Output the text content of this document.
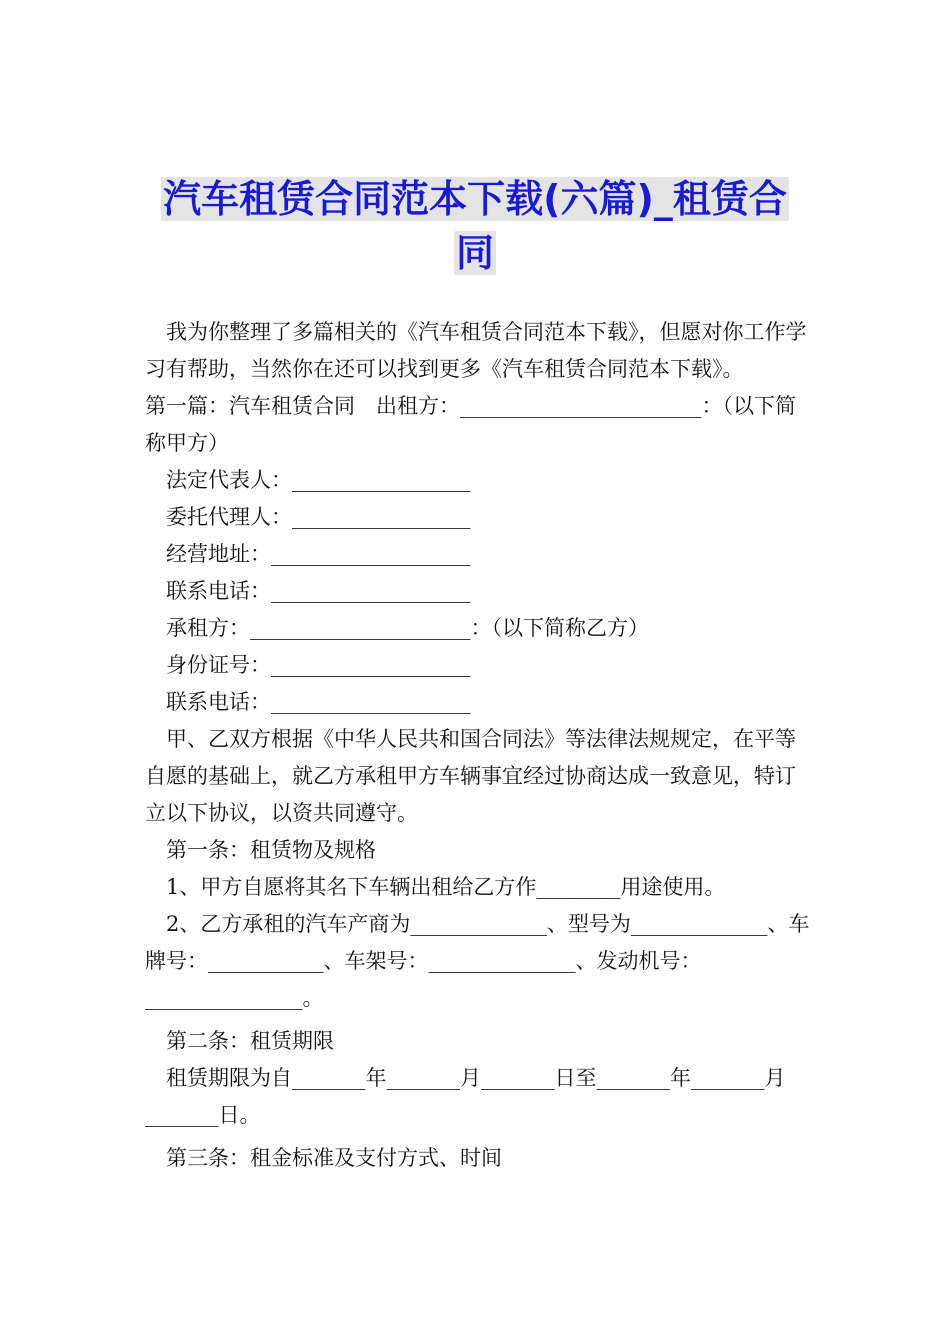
汽车租赁合同范本下载(六篇)_租赁合
同

　我为你整理了多篇相关的《汽车租赁合同范本下载》，但愿对你工作学习有帮助，当然你在还可以找到更多《汽车租赁合同范本下载》。

第一篇：汽车租赁合同　出租方：_______________________：（以下简称甲方）

　法定代表人：_________________

　委托代理人：_________________

　经营地址：___________________

　联系电话：___________________

　承租方：_____________________：（以下简称乙方）

　身份证号：___________________

　联系电话：___________________

　甲、乙双方根据《中华人民共和国合同法》等法律法规规定，在平等自愿的基础上，就乙方承租甲方车辆事宜经过协商达成一致意见，特订立以下协议，以资共同遵守。

　第一条：租赁物及规格

　1、甲方自愿将其名下车辆出租给乙方作________用途使用。

　2、乙方承租的汽车产商为_____________、型号为_____________、车牌号：___________、车架号：______________、发动机号：_______________。

　第二条：租赁期限

　租赁期限为自_______年_______月_______日至_______年_______月_______日。

　第三条：租金标准及支付方式、时间
